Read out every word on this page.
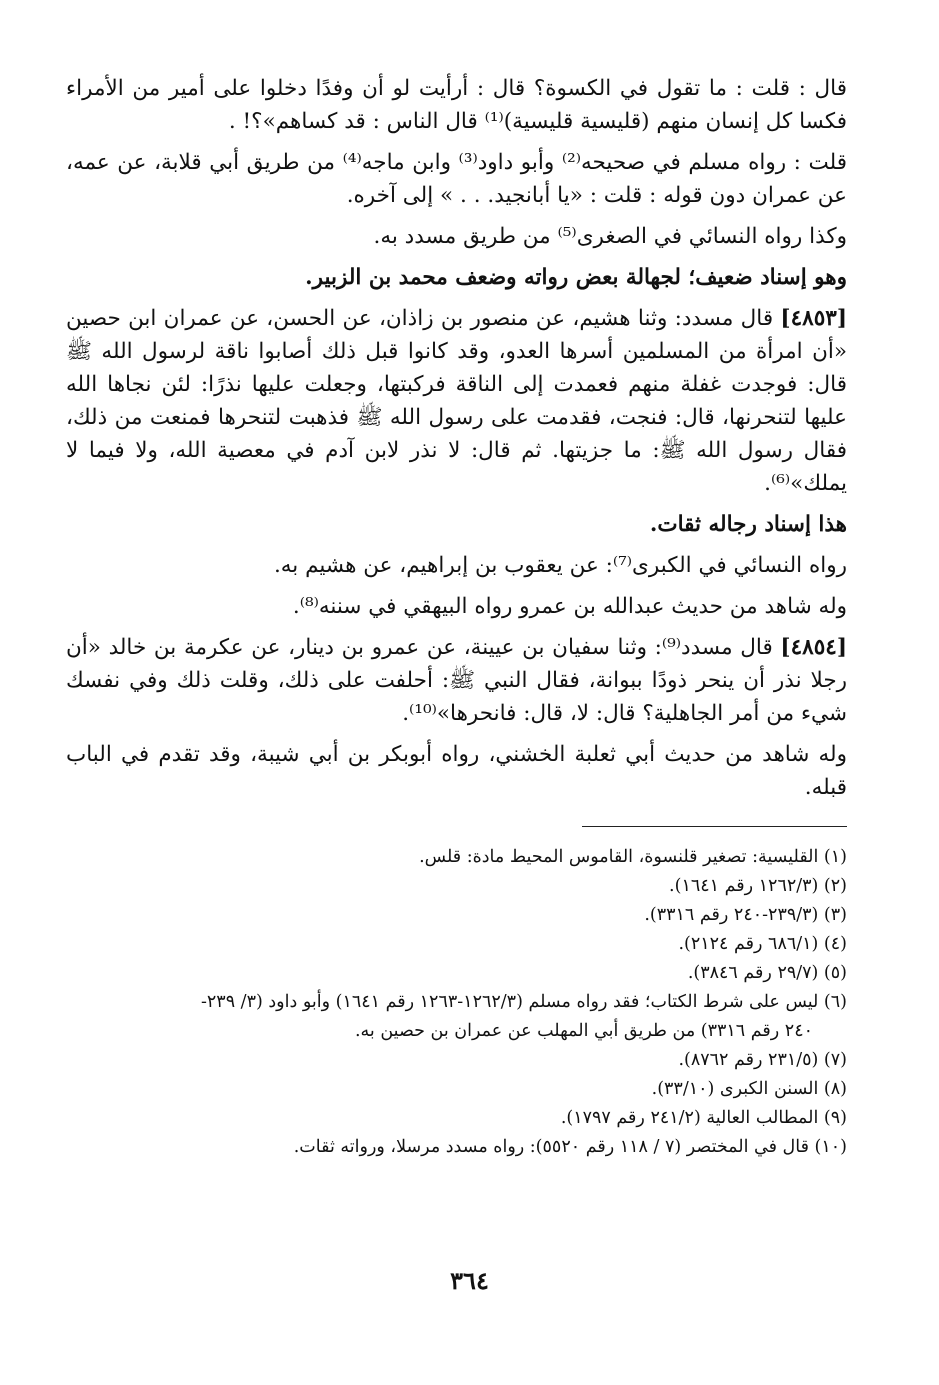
قال : قلت : ما تقول في الكسوة؟ قال : أرأيت لو أن وفدًا دخلوا على أمير من الأمراء فكسا كل إنسان منهم (قليسية قليسية)⁽¹⁾ قال الناس : قد كساهم»؟! .

قلت : رواه مسلم في صحيحه⁽²⁾ وأبو داود⁽³⁾ وابن ماجه⁽⁴⁾ من طريق أبي قلابة، عن عمه، عن عمران دون قوله : قلت : «يا أبانجيد. . . » إلى آخره.

وكذا رواه النسائي في الصغرى⁽⁵⁾ من طريق مسدد به.

وهو إسناد ضعيف؛ لجهالة بعض رواته وضعف محمد بن الزبير.

[٤٨٥٣] قال مسدد: وثنا هشيم، عن منصور بن زاذان، عن الحسن، عن عمران ابن حصين «أن امرأة من المسلمين أسرها العدو، وقد كانوا قبل ذلك أصابوا ناقة لرسول الله ﷺ قال: فوجدت غفلة منهم فعمدت إلى الناقة فركبتها، وجعلت عليها نذرًا: لئن نجاها الله عليها لتنحرنها، قال: فنجت، فقدمت على رسول الله ﷺ فذهبت لتنحرها فمنعت من ذلك، فقال رسول الله ﷺ: ما جزيتها. ثم قال: لا نذر لابن آدم في معصية الله، ولا فيما لا يملك»⁽⁶⁾.

هذا إسناد رجاله ثقات.

رواه النسائي في الكبرى⁽⁷⁾: عن يعقوب بن إبراهيم، عن هشيم به.

وله شاهد من حديث عبدالله بن عمرو رواه البيهقي في سننه⁽⁸⁾.

[٤٨٥٤] قال مسدد⁽⁹⁾: وثنا سفيان بن عيينة، عن عمرو بن دينار، عن عكرمة بن خالد «أن رجلا نذر أن ينحر ذودًا ببوانة، فقال النبي ﷺ: أحلفت على ذلك، وقلت ذلك وفي نفسك شيء من أمر الجاهلية؟ قال: لا، قال: فانحرها»⁽¹⁰⁾.

وله شاهد من حديث أبي ثعلبة الخشني، رواه أبوبكر بن أبي شيبة، وقد تقدم في الباب قبله.

(١) القليسية: تصغير قلنسوة، القاموس المحيط مادة: قلس.

(٢) (١٢٦٢/٣ رقم ١٦٤١).

(٣) (٢٣٩/٣-٢٤٠ رقم ٣٣١٦).

(٤) (٦٨٦/١ رقم ٢١٢٤).

(٥) (٢٩/٧ رقم ٣٨٤٦).

(٦) ليس على شرط الكتاب؛ فقد رواه مسلم (١٢٦٢/٣-١٢٦٣ رقم ١٦٤١) وأبو داود (٣/ ٢٣٩-
٢٤٠ رقم ٣٣١٦) من طريق أبي المهلب عن عمران بن حصين به.

(٧) (٢٣١/٥ رقم ٨٧٦٢).

(٨) السنن الكبرى (٣٣/١٠).

(٩) المطالب العالية (٢٤١/٢ رقم ١٧٩٧).

(١٠) قال في المختصر (٧ / ١١٨ رقم ٥٥٢٠): رواه مسدد مرسلا، ورواته ثقات.

٣٦٤
